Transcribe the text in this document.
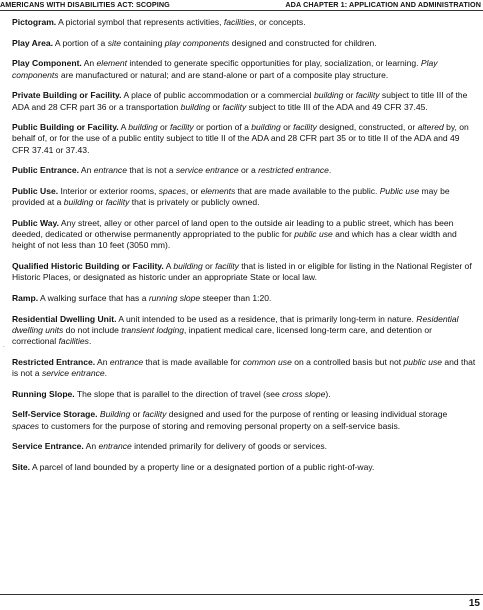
AMERICANS WITH DISABILITIES ACT: SCOPING	ADA CHAPTER 1: APPLICATION AND ADMINISTRATION
.

Pictogram. A pictorial symbol that represents activities, facilities, or concepts.

Play Area. A portion of a site containing play components designed and constructed for children.

Play Component. An element intended to generate specific opportunities for play, socialization, or learning. Play components are manufactured or natural; and are stand-alone or part of a composite play structure.

Private Building or Facility. A place of public accommodation or a commercial building or facility subject to title III of the ADA and 28 CFR part 36 or a transportation building or facility subject to title III of the ADA and 49 CFR 37.45.

Public Building or Facility. A building or facility or portion of a building or facility designed, constructed, or altered by, on behalf of, or for the use of a public entity subject to title II of the ADA and 28 CFR part 35 or to title II of the ADA and 49 CFR 37.41 or 37.43.

Public Entrance. An entrance that is not a service entrance or a restricted entrance.

Public Use. Interior or exterior rooms, spaces, or elements that are made available to the public. Public use may be provided at a building or facility that is privately or publicly owned.

Public Way. Any street, alley or other parcel of land open to the outside air leading to a public street, which has been deeded, dedicated or otherwise permanently appropriated to the public for public use and which has a clear width and height of not less than 10 feet (3050 mm).

Qualified Historic Building or Facility. A building or facility that is listed in or eligible for listing in the National Register of Historic Places, or designated as historic under an appropriate State or local law.

Ramp. A walking surface that has a running slope steeper than 1:20.

Residential Dwelling Unit. A unit intended to be used as a residence, that is primarily long-term in nature. Residential dwelling units do not include transient lodging, inpatient medical care, licensed long-term care, and detention or correctional facilities.

Restricted Entrance. An entrance that is made available for common use on a controlled basis but not public use and that is not a service entrance.

Running Slope. The slope that is parallel to the direction of travel (see cross slope).

Self-Service Storage. Building or facility designed and used for the purpose of renting or leasing individual storage spaces to customers for the purpose of storing and removing personal property on a self-service basis.

Service Entrance. An entrance intended primarily for delivery of goods or services.

Site. A parcel of land bounded by a property line or a designated portion of a public right-of-way.

15
